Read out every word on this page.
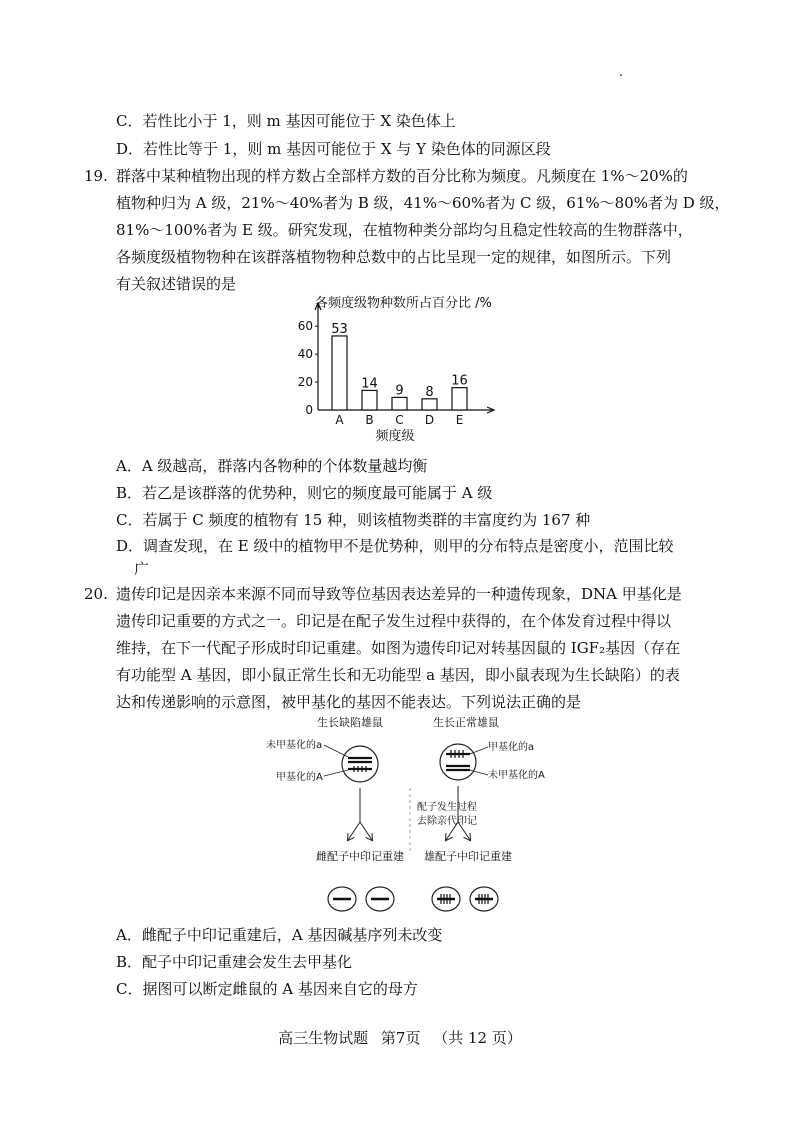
C．若性比小于 1，则 m 基因可能位于 X 染色体上
D．若性比等于 1，则 m 基因可能位于 X 与 Y 染色体的同源区段
19. 群落中某种植物出现的样方数占全部样方数的百分比称为频度。凡频度在 1%～20%的
植物种归为 A 级，21%～40%者为 B 级，41%～60%者为 C 级，61%～80%者为 D 级，
81%～100%者为 E 级。研究发现，在植物种类分部均匀且稳定性较高的生物群落中，
各频度级植物物种在该群落植物物种总数中的占比呈现一定的规律，如图所示。下列
有关叙述错误的是
各频度级物种数所占百分比 /%
0
20
40
60 53
A
14
B
9
C
8
D
16
E
频度级
A．A 级越高，群落内各物种的个体数量越均衡
B．若乙是该群落的优势种，则它的频度最可能属于 A 级
C．若属于 C 频度的植物有 15 种，则该植物类群的丰富度约为 167 种
D．调查发现，在 E 级中的植物甲不是优势种，则甲的分布特点是密度小，范围比较
广
20. 遗传印记是因亲本来源不同而导致等位基因表达差异的一种遗传现象，DNA 甲基化是
遗传印记重要的方式之一。印记是在配子发生过程中获得的，在个体发育过程中得以
维持，在下一代配子形成时印记重建。如图为遗传印记对转基因鼠的 IGF₂基因（存在
有功能型 A 基因，即小鼠正常生长和无功能型 a 基因，即小鼠表现为生长缺陷）的表
达和传递影响的示意图，被甲基化的基因不能表达。下列说法正确的是
生长缺陷雄鼠	生长正常雄鼠
未甲基化的a
甲基化的A
甲基化的a
未甲基化的A
配子发生过程
去除亲代印记
雌配子中印记重建 雄配子中印记重建
A．雌配子中印记重建后，A 基因碱基序列未改变
B．配子中印记重建会发生去甲基化
C．据图可以断定雌鼠的 A 基因来自它的母方
高三生物试题 第7页 （共 12 页）
